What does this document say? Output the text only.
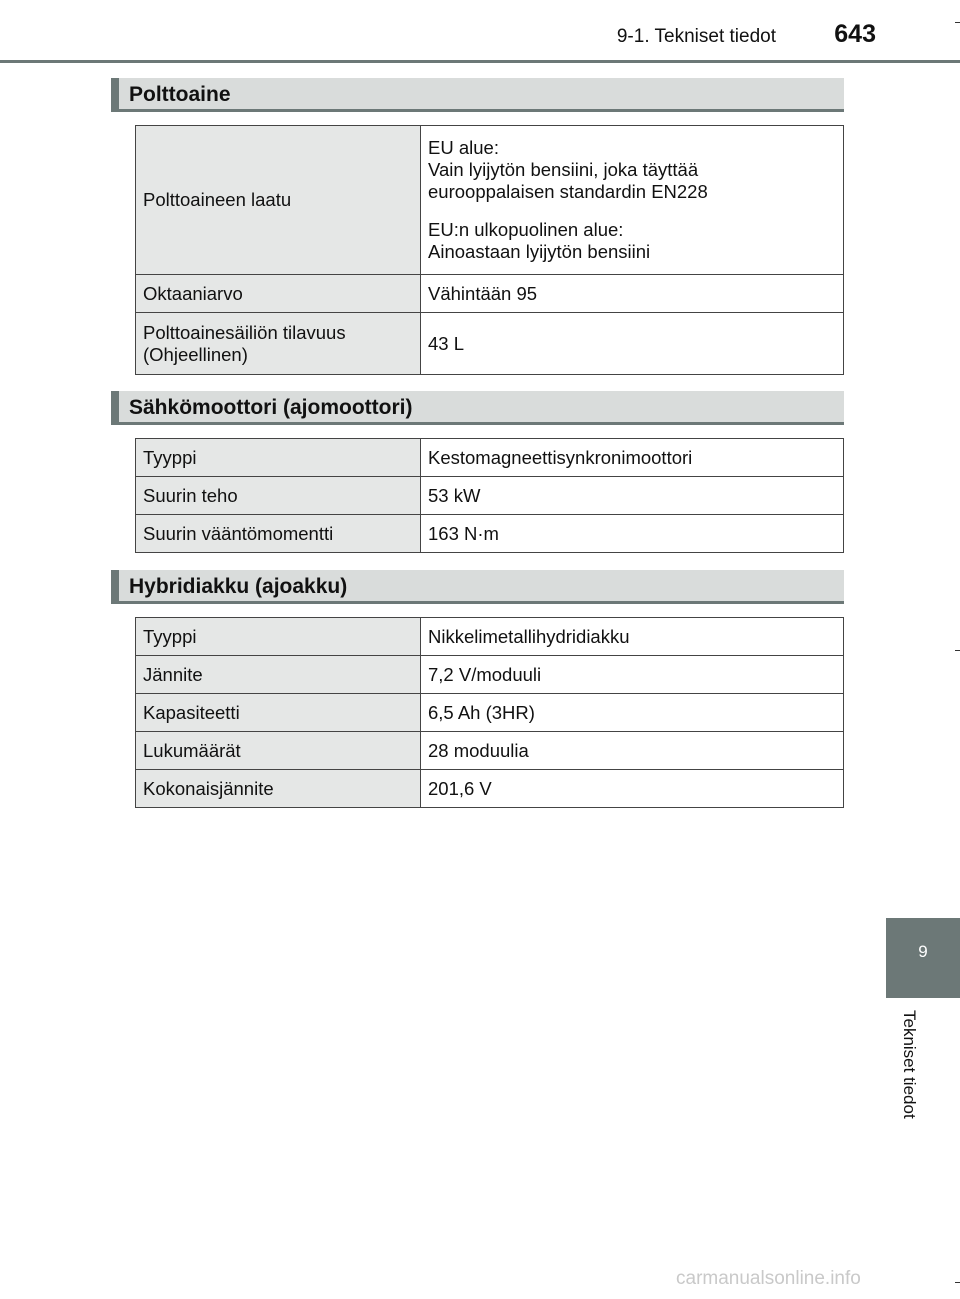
9-1. Tekniset tiedot	643
Polttoaine
Polttoaineen laatu	EU alue:
Vain lyijytön bensiini, joka täyttää
eurooppalaisen standardin EN228
EU:n ulkopuolinen alue:
Ainoastaan lyijytön bensiini

Oktaaniarvo	Vähintään 95

Polttoainesäiliön tilavuus
(Ohjeellinen)	43 L
Sähkömoottori (ajomoottori)
Tyyppi	Kestomagneettisynkronimoottori
Suurin teho	53 kW
Suurin vääntömomentti	163 N·m
Hybridiakku (ajoakku)
Tyyppi	Nikkelimetallihydridiakku
Jännite	7,2 V/moduuli
Kapasiteetti	6,5 Ah (3HR)
Lukumäärät	28 moduulia
Kokonaisjännite	201,6 V
9
Tekniset tiedot
carmanualsonline.info
